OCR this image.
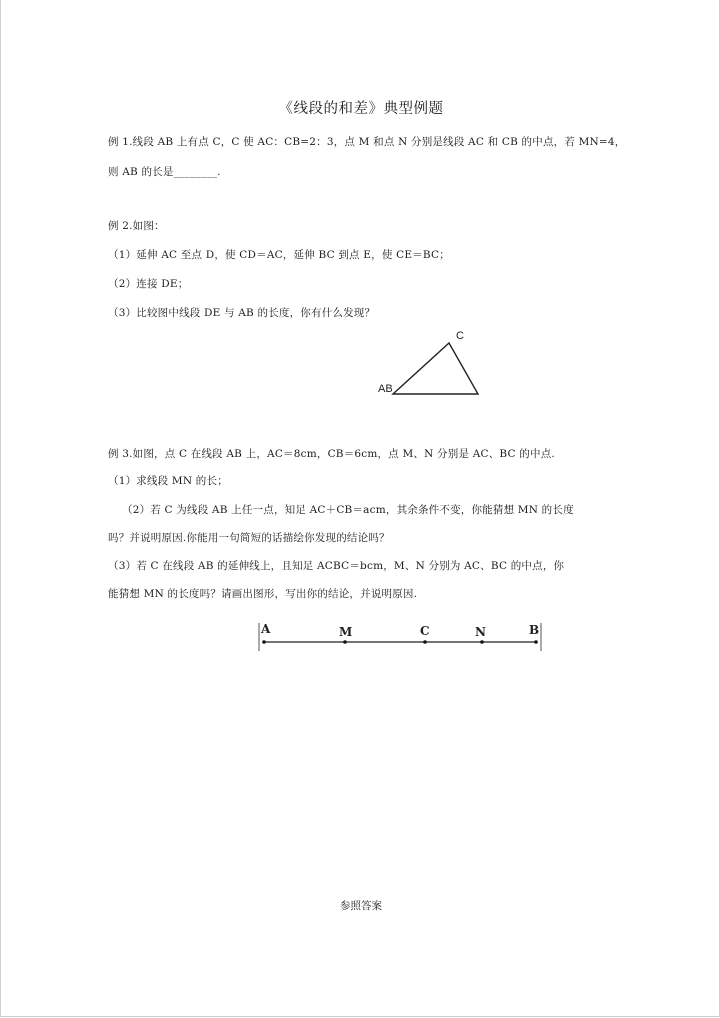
《线段的和差》典型例题
例 1.线段 AB 上有点 C，C 使 AC：CB=2：3，点 M 和点 N 分别是线段 AC 和 CB 的中点，若 MN=4，
则 AB 的长是________.
例 2.如图：
（1）延伸 AC 至点 D，使 CD＝AC，延伸 BC 到点 E，使 CE＝BC；
（2）连接 DE；
（3）比较图中线段 DE 与 AB 的长度，你有什么发现？
C
AB
例 3.如图，点 C 在线段 AB 上，AC＝8cm，CB＝6cm，点 M、N 分别是 AC、BC 的中点.
（1）求线段 MN 的长；
（2）若 C 为线段 AB 上任一点，知足 AC＋CB＝acm，其余条件不变，你能猜想 MN 的长度
吗？并说明原因.你能用一句简短的话描绘你发现的结论吗？
（3）若 C 在线段 AB 的延伸线上，且知足 ACBC＝bcm，M、N 分别为 AC、BC 的中点，你
能猜想 MN 的长度吗？请画出图形，写出你的结论，并说明原因.
A	M	C	N	B
参照答案
